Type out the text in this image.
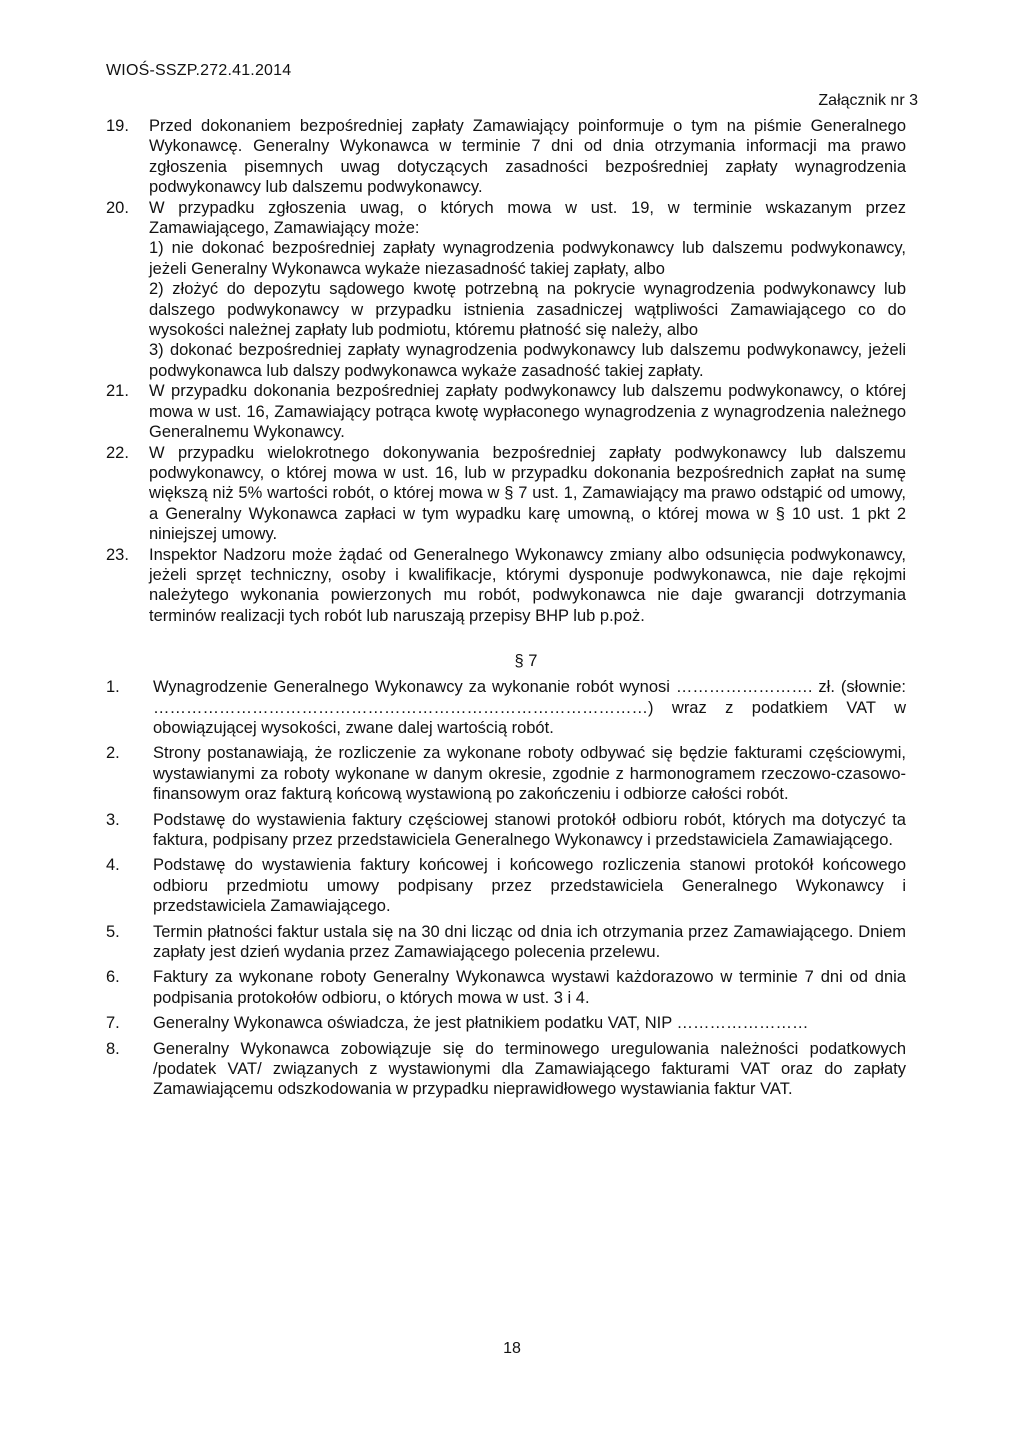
WIOŚ-SSZP.272.41.2014
Załącznik nr 3
19. Przed dokonaniem bezpośredniej zapłaty Zamawiający poinformuje o tym na piśmie Generalnego Wykonawcę. Generalny Wykonawca w terminie 7 dni od dnia otrzymania informacji ma prawo zgłoszenia pisemnych uwag dotyczących zasadności bezpośredniej zapłaty wynagrodzenia podwykonawcy lub dalszemu podwykonawcy.
20. W przypadku zgłoszenia uwag, o których mowa w ust. 19, w terminie wskazanym przez Zamawiającego, Zamawiający może:
1) nie dokonać bezpośredniej zapłaty wynagrodzenia podwykonawcy lub dalszemu podwykonawcy, jeżeli Generalny Wykonawca wykaże niezasadność takiej zapłaty, albo
2) złożyć do depozytu sądowego kwotę potrzebną na pokrycie wynagrodzenia podwykonawcy lub dalszego podwykonawcy w przypadku istnienia zasadniczej wątpliwości Zamawiającego co do wysokości należnej zapłaty lub podmiotu, któremu płatność się należy, albo
3) dokonać bezpośredniej zapłaty wynagrodzenia podwykonawcy lub dalszemu podwykonawcy, jeżeli podwykonawca lub dalszy podwykonawca wykaże zasadność takiej zapłaty.
21. W przypadku dokonania bezpośredniej zapłaty podwykonawcy lub dalszemu podwykonawcy, o której mowa w ust. 16, Zamawiający potrąca kwotę wypłaconego wynagrodzenia z wynagrodzenia należnego Generalnemu Wykonawcy.
22. W przypadku wielokrotnego dokonywania bezpośredniej zapłaty podwykonawcy lub dalszemu podwykonawcy, o której mowa w ust. 16, lub w przypadku dokonania bezpośrednich zapłat na sumę większą niż 5% wartości robót, o której mowa w § 7 ust. 1, Zamawiający ma prawo odstąpić od umowy, a Generalny Wykonawca zapłaci w tym wypadku karę umowną, o której mowa w § 10 ust. 1 pkt 2 niniejszej umowy.
23. Inspektor Nadzoru może żądać od Generalnego Wykonawcy zmiany albo odsunięcia podwykonawcy, jeżeli sprzęt techniczny, osoby i kwalifikacje, którymi dysponuje podwykonawca, nie daje rękojmi należytego wykonania powierzonych mu robót, podwykonawca nie daje gwarancji dotrzymania terminów realizacji tych robót lub naruszają przepisy BHP lub p.poż.
§ 7
1. Wynagrodzenie Generalnego Wykonawcy za wykonanie robót wynosi ……………………. zł. (słownie: ………………………………………………………………………………) wraz z podatkiem VAT w obowiązującej wysokości, zwane dalej wartością robót.
2. Strony postanawiają, że rozliczenie za wykonane roboty odbywać się będzie fakturami częściowymi, wystawianymi za roboty wykonane w danym okresie, zgodnie z harmonogramem rzeczowo-czasowo-finansowym oraz fakturą końcową wystawioną po zakończeniu i odbiorze całości robót.
3. Podstawę do wystawienia faktury częściowej stanowi protokół odbioru robót, których ma dotyczyć ta faktura, podpisany przez przedstawiciela Generalnego Wykonawcy i przedstawiciela Zamawiającego.
4. Podstawę do wystawienia faktury końcowej i końcowego rozliczenia stanowi protokół końcowego odbioru przedmiotu umowy podpisany przez przedstawiciela Generalnego Wykonawcy i przedstawiciela Zamawiającego.
5. Termin płatności faktur ustala się na 30 dni licząc od dnia ich otrzymania przez Zamawiającego. Dniem zapłaty jest dzień wydania przez Zamawiającego polecenia przelewu.
6. Faktury za wykonane roboty Generalny Wykonawca wystawi każdorazowo w terminie 7 dni od dnia podpisania protokołów odbioru, o których mowa w ust. 3 i 4.
7. Generalny Wykonawca oświadcza, że jest płatnikiem podatku VAT, NIP ……………………
8. Generalny Wykonawca zobowiązuje się do terminowego uregulowania należności podatkowych /podatek VAT/ związanych z wystawionymi dla Zamawiającego fakturami VAT oraz do zapłaty Zamawiającemu odszkodowania w przypadku nieprawidłowego wystawiania faktur VAT.
18
